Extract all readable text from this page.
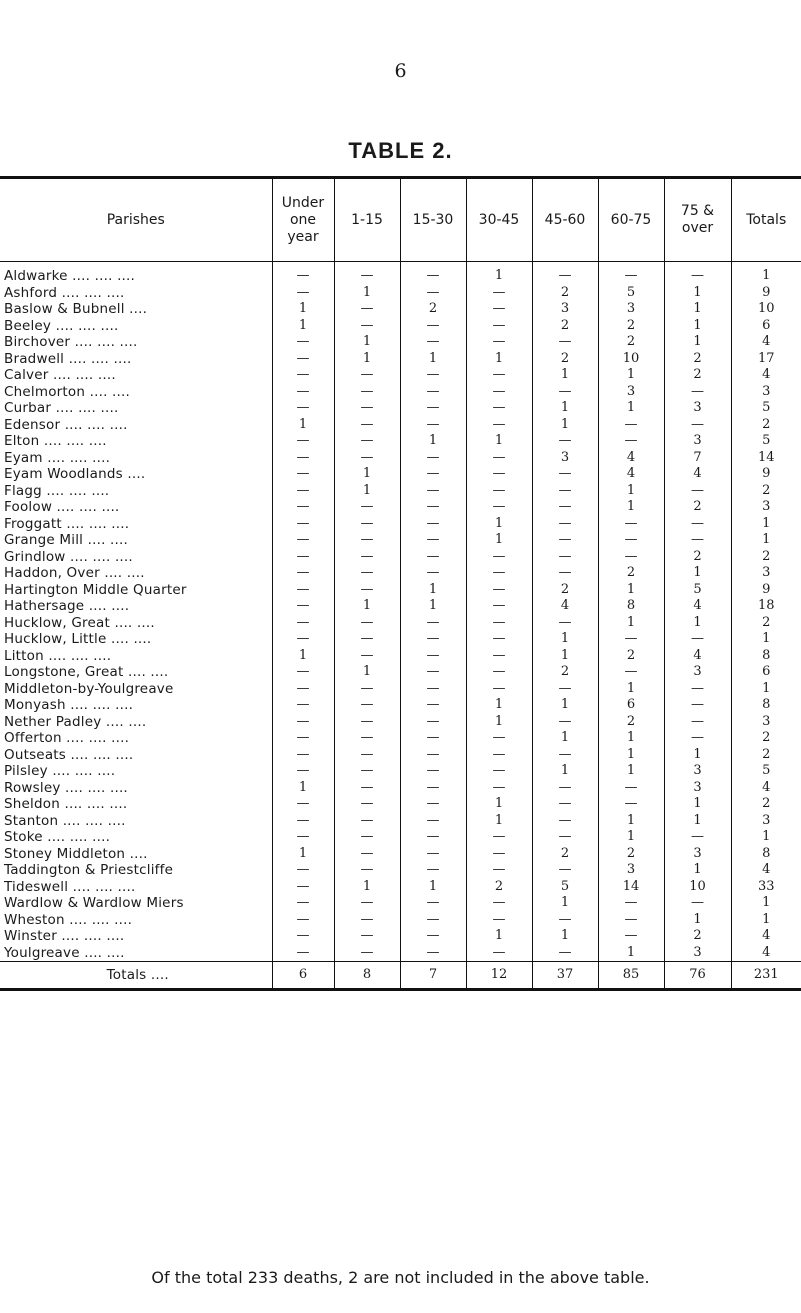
6
TABLE 2.

Parishes	Under one year	1-15	15-30	30-45	45-60	60-75	75 & over	Totals
Aldwarke .... .... ....	—	—	—	1	—	—	—	1
Ashford .... .... ....	—	1	—	—	2	5	1	9
Baslow & Bubnell ....	1	—	2	—	3	3	1	10
Beeley .... .... ....	1	—	—	—	2	2	1	6
Birchover .... .... ....	—	1	—	—	—	2	1	4
Bradwell .... .... ....	—	1	1	1	2	10	2	17
Calver .... .... ....	—	—	—	—	1	1	2	4
Chelmorton .... ....	—	—	—	—	—	3	—	3
Curbar .... .... ....	—	—	—	—	1	1	3	5
Edensor .... .... ....	1	—	—	—	1	—	—	2
Elton .... .... ....	—	—	1	1	—	—	3	5
Eyam .... .... ....	—	—	—	—	3	4	7	14
Eyam Woodlands ....	—	1	—	—	—	4	4	9
Flagg .... .... ....	—	1	—	—	—	1	—	2
Foolow .... .... ....	—	—	—	—	—	1	2	3
Froggatt .... .... ....	—	—	—	1	—	—	—	1
Grange Mill .... ....	—	—	—	1	—	—	—	1
Grindlow .... .... ....	—	—	—	—	—	—	2	2
Haddon, Over .... ....	—	—	—	—	—	2	1	3
Hartington Middle Quarter	—	—	1	—	2	1	5	9
Hathersage .... ....	—	1	1	—	4	8	4	18
Hucklow, Great .... ....	—	—	—	—	—	1	1	2
Hucklow, Little .... ....	—	—	—	—	1	—	—	1
Litton .... .... ....	1	—	—	—	1	2	4	8
Longstone, Great .... ....	—	1	—	—	2	—	3	6
Middleton-by-Youlgreave	—	—	—	—	—	1	—	1
Monyash .... .... ....	—	—	—	1	1	6	—	8
Nether Padley .... ....	—	—	—	1	—	2	—	3
Offerton .... .... ....	—	—	—	—	1	1	—	2
Outseats .... .... ....	—	—	—	—	—	1	1	2
Pilsley .... .... ....	—	—	—	—	1	1	3	5
Rowsley .... .... ....	1	—	—	—	—	—	3	4
Sheldon .... .... ....	—	—	—	1	—	—	1	2
Stanton .... .... ....	—	—	—	1	—	1	1	3
Stoke .... .... ....	—	—	—	—	—	1	—	1
Stoney Middleton ....	1	—	—	—	2	2	3	8
Taddington & Priestcliffe	—	—	—	—	—	3	1	4
Tideswell .... .... ....	—	1	1	2	5	14	10	33
Wardlow & Wardlow Miers	—	—	—	—	1	—	—	1
Wheston .... .... ....	—	—	—	—	—	—	1	1
Winster .... .... ....	—	—	—	1	1	—	2	4
Youlgreave .... ....	—	—	—	—	—	1	3	4
Totals ....	6	8	7	12	37	85	76	231
Of the total 233 deaths, 2 are not included in the above table.
